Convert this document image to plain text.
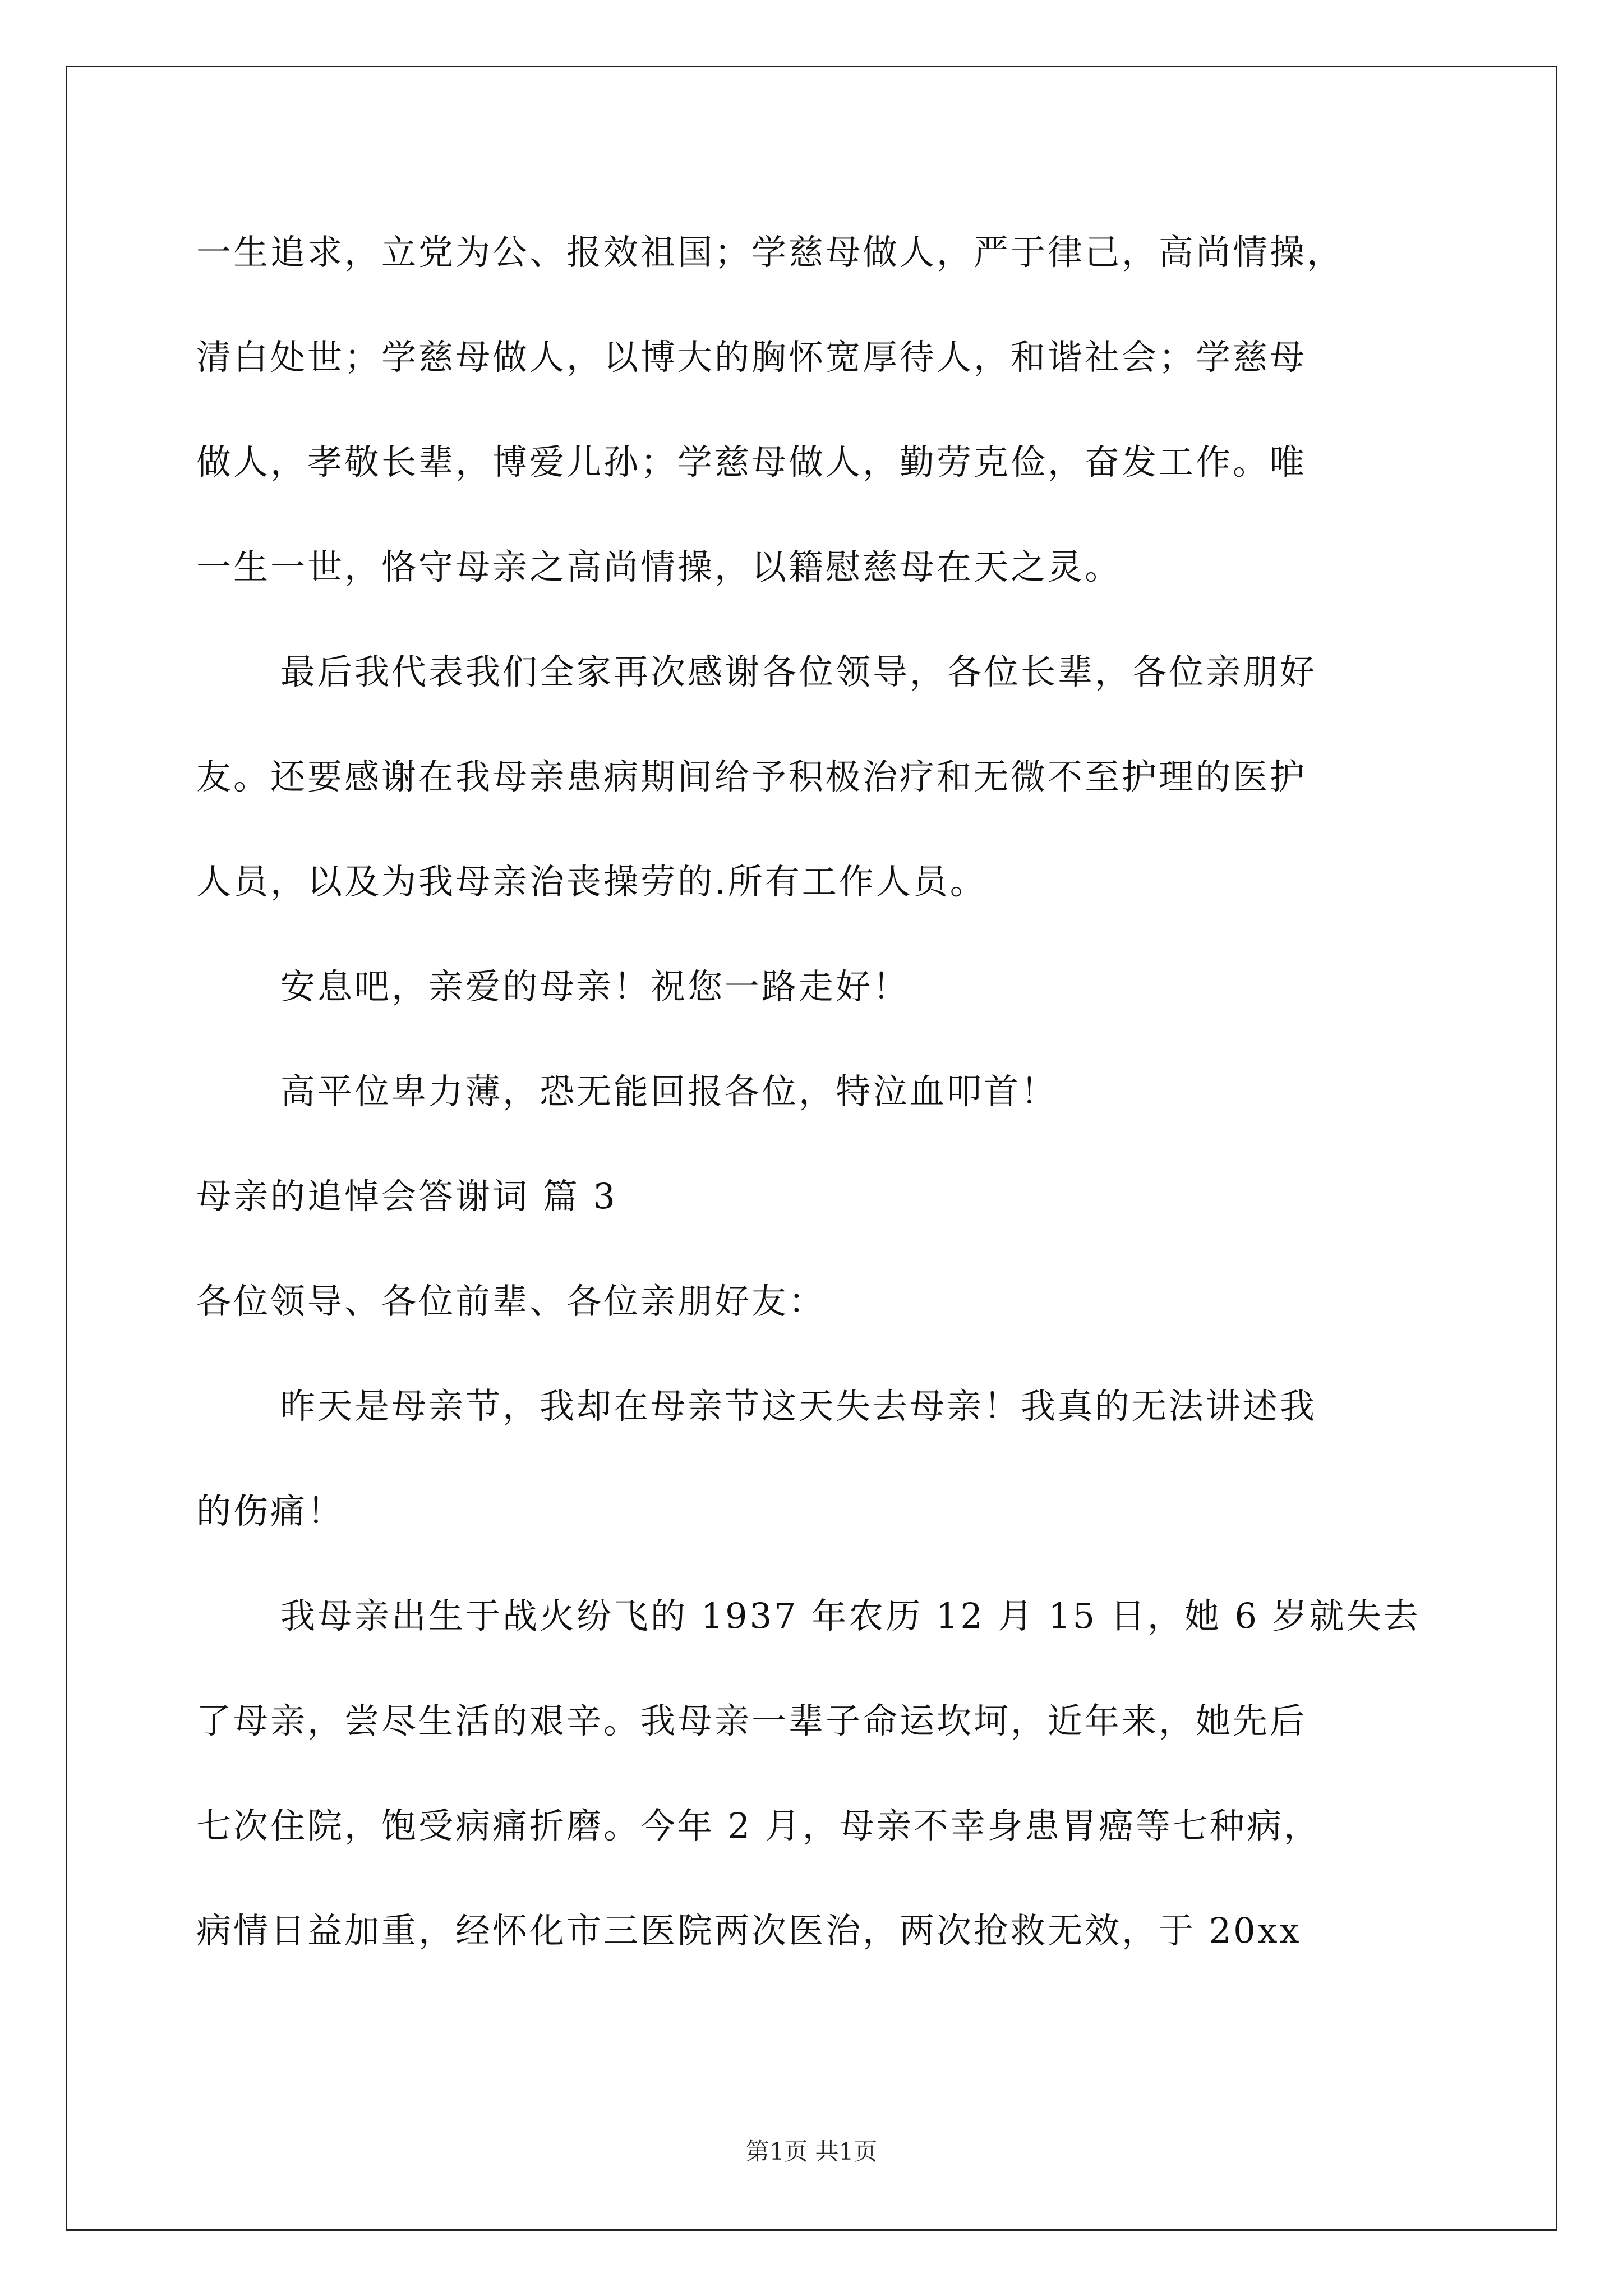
一生追求，立党为公、报效祖国；学慈母做人，严于律己，高尚情操，
清白处世；学慈母做人，以博大的胸怀宽厚待人，和谐社会；学慈母
做人，孝敬长辈，博爱儿孙；学慈母做人，勤劳克俭，奋发工作。唯
一生一世，恪守母亲之高尚情操，以籍慰慈母在天之灵。
最后我代表我们全家再次感谢各位领导，各位长辈，各位亲朋好
友。还要感谢在我母亲患病期间给予积极治疗和无微不至护理的医护
人员，以及为我母亲治丧操劳的.所有工作人员。
安息吧，亲爱的母亲！祝您一路走好！
高平位卑力薄，恐无能回报各位，特泣血叩首！
母亲的追悼会答谢词 篇 3
各位领导、各位前辈、各位亲朋好友：
昨天是母亲节，我却在母亲节这天失去母亲！我真的无法讲述我
的伤痛！
我母亲出生于战火纷飞的 1937 年农历 12 月 15 日，她 6 岁就失去
了母亲，尝尽生活的艰辛。我母亲一辈子命运坎坷，近年来，她先后
七次住院，饱受病痛折磨。今年 2 月，母亲不幸身患胃癌等七种病，
病情日益加重，经怀化市三医院两次医治，两次抢救无效，于 20xx
第1页 共1页
